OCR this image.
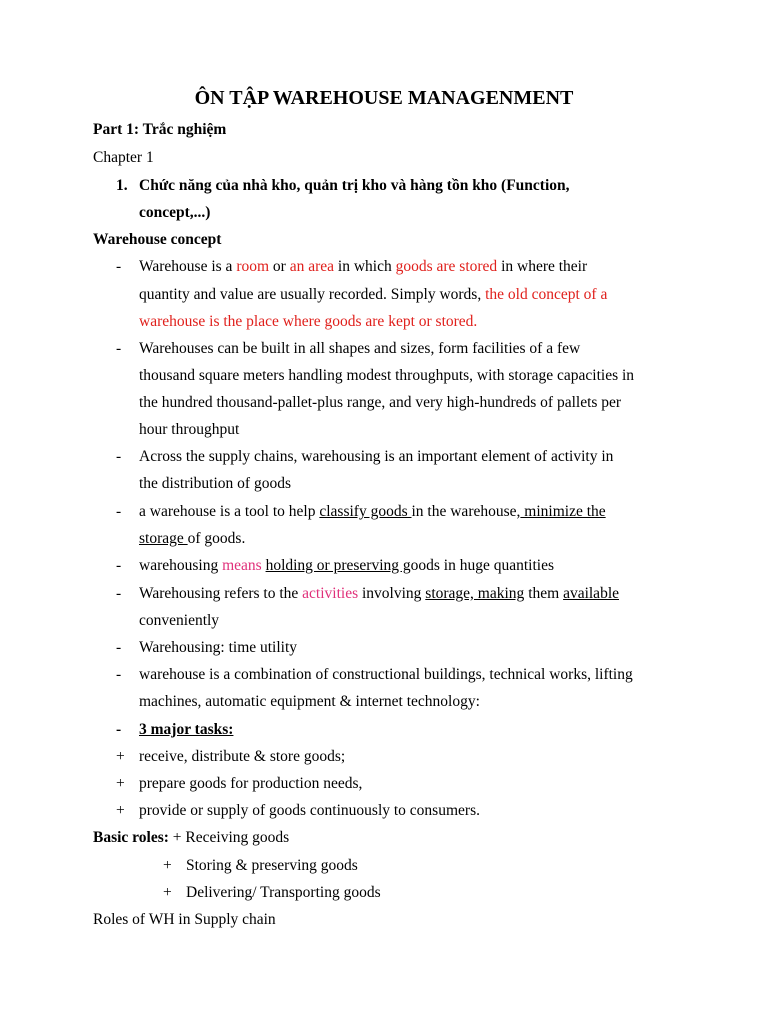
ÔN TẬP WAREHOUSE MANAGENMENT
Part 1: Trắc nghiệm
Chapter 1
1. Chức năng của nhà kho, quản trị kho và hàng tồn kho (Function,
concept,...)
Warehouse concept
- Warehouse is a room or an area in which goods are stored in where their
quantity and value are usually recorded. Simply words, the old concept of a
warehouse is the place where goods are kept or stored.
- Warehouses can be built in all shapes and sizes, form facilities of a few
thousand square meters handling modest throughputs, with storage capacities in
the hundred thousand-pallet-plus range, and very high-hundreds of pallets per
hour throughput
- Across the supply chains, warehousing is an important element of activity in
the distribution of goods
- a warehouse is a tool to help classify goods in the warehouse, minimize the
storage of goods.
- warehousing means holding or preserving goods in huge quantities
- Warehousing refers to the activities involving storage, making them available
conveniently
- Warehousing: time utility
- warehouse is a combination of constructional buildings, technical works, lifting
machines, automatic equipment & internet technology:
- 3 major tasks:
+ receive, distribute & store goods;
+ prepare goods for production needs,
+ provide or supply of goods continuously to consumers.
Basic roles: + Receiving goods
+ Storing & preserving goods
+ Delivering/ Transporting goods
Roles of WH in Supply chain
